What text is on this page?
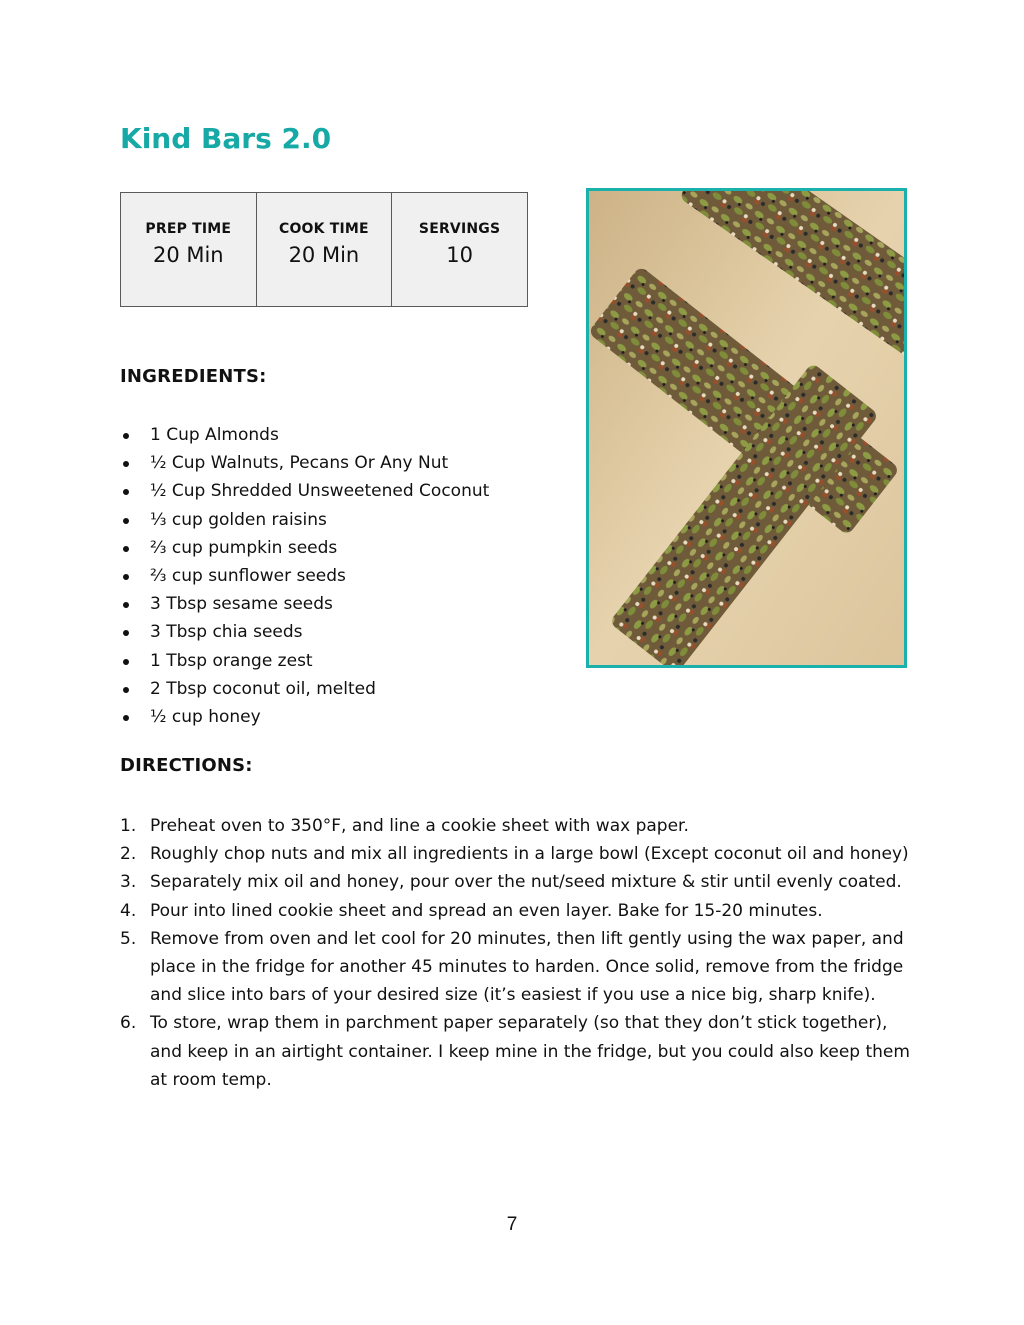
Kind Bars 2.0
PREP TIME
20 Min

COOK TIME
20 Min

SERVINGS
10
INGREDIENTS:
1 Cup Almonds
½ Cup Walnuts, Pecans Or Any Nut
½ Cup Shredded Unsweetened Coconut
⅓ cup golden raisins
⅔ cup pumpkin seeds
⅔ cup sunflower seeds
3 Tbsp sesame seeds
3 Tbsp chia seeds
1 Tbsp orange zest
2 Tbsp coconut oil, melted
½ cup honey
DIRECTIONS:
1. Preheat oven to 350°F, and line a cookie sheet with wax paper.
2. Roughly chop nuts and mix all ingredients in a large bowl (Except coconut oil and honey)
3. Separately mix oil and honey, pour over the nut/seed mixture & stir until evenly coated.
4. Pour into lined cookie sheet and spread an even layer. Bake for 15-20 minutes.
5. Remove from oven and let cool for 20 minutes, then lift gently using the wax paper, and place in the fridge for another 45 minutes to harden. Once solid, remove from the fridge and slice into bars of your desired size (it’s easiest if you use a nice big, sharp knife).
6. To store, wrap them in parchment paper separately (so that they don’t stick together), and keep in an airtight container. I keep mine in the fridge, but you could also keep them at room temp.
7
